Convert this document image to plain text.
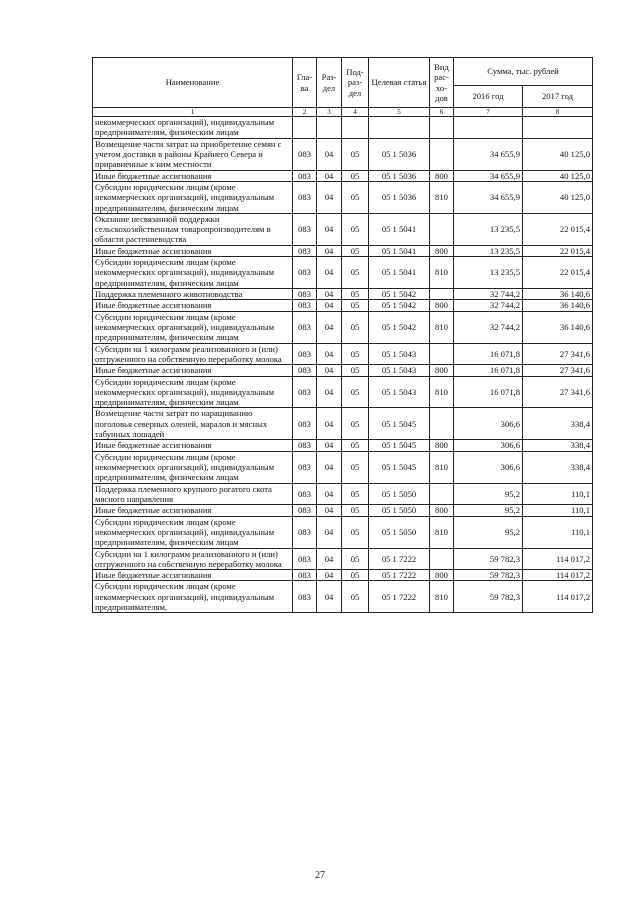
Наименование	Гла-ва	Раз-дел	Под-раз-дел	Целевая статья	Вид рас-хо-дов	Сумма, тыс. рублей	
						2016 год	2017 год
1	2	3	4	5	6	7	8
некоммерческих организаций), индивидуальным предпринимателям, физическим лицам							
Возмещение части затрат на приобретение семян с учетом доставки в районы Крайнего Севера и приравненные к ним местности	083	04	05	05 1 5036		34 655,9	40 125,0
Иные бюджетные ассигнования	083	04	05	05 1 5036	800	34 655,9	40 125,0
Субсидии юридическим лицам (кроме некоммерческих организаций), индивидуальным предпринимателям, физическим лицам	083	04	05	05 1 5036	810	34 655,9	40 125,0
Оказание несвязанной поддержки сельскохозяйственным товаропроизводителям в области растениеводства	083	04	05	05 1 5041		13 235,5	22 015,4
Иные бюджетные ассигнования	083	04	05	05 1 5041	800	13 235,5	22 015,4
Субсидии юридическим лицам (кроме некоммерческих организаций), индивидуальным предпринимателям, физическим лицам	083	04	05	05 1 5041	810	13 235,5	22 015,4
Поддержка племенного животноводства	083	04	05	05 1 5042		32 744,2	36 140,6
Иные бюджетные ассигнования	083	04	05	05 1 5042	800	32 744,2	36 140,6
Субсидии юридическим лицам (кроме некоммерческих организаций), индивидуальным предпринимателям, физическим лицам	083	04	05	05 1 5042	810	32 744,2	36 140,6
Субсидии на 1 килограмм реализованного и (или) отгруженного на собственную переработку молока	083	04	05	05 1 5043		16 071,8	27 341,6
Иные бюджетные ассигнования	083	04	05	05 1 5043	800	16 071,8	27 341,6
Субсидии юридическим лицам (кроме некоммерческих организаций), индивидуальным предпринимателям, физическим лицам	083	04	05	05 1 5043	810	16 071,8	27 341,6
Возмещение части затрат по наращиванию поголовья северных оленей, маралов и мясных табунных лошадей	083	04	05	05 1 5045		306,6	338,4
Иные бюджетные ассигнования	083	04	05	05 1 5045	800	306,6	338,4
Субсидии юридическим лицам (кроме некоммерческих организаций), индивидуальным предпринимателям, физическим лицам	083	04	05	05 1 5045	810	306,6	338,4
Поддержка племенного крупного рогатого скота мясного направления	083	04	05	05 1 5050		95,2	110,1
Иные бюджетные ассигнования	083	04	05	05 1 5050	800	95,2	110,1
Субсидии юридическим лицам (кроме некоммерческих организаций), индивидуальным предпринимателям, физическим лицам	083	04	05	05 1 5050	810	95,2	110,1
Субсидии на 1 килограмм реализованного и (или) отгруженного на собственную переработку молока	083	04	05	05 1 7222		59 782,3	114 017,2
Иные бюджетные ассигнования	083	04	05	05 1 7222	800	59 782,3	114 017,2
Субсидии юридическим лицам (кроме некоммерческих организаций), индивидуальным предпринимателям,	083	04	05	05 1 7222	810	59 782,3	114 017,2
27
